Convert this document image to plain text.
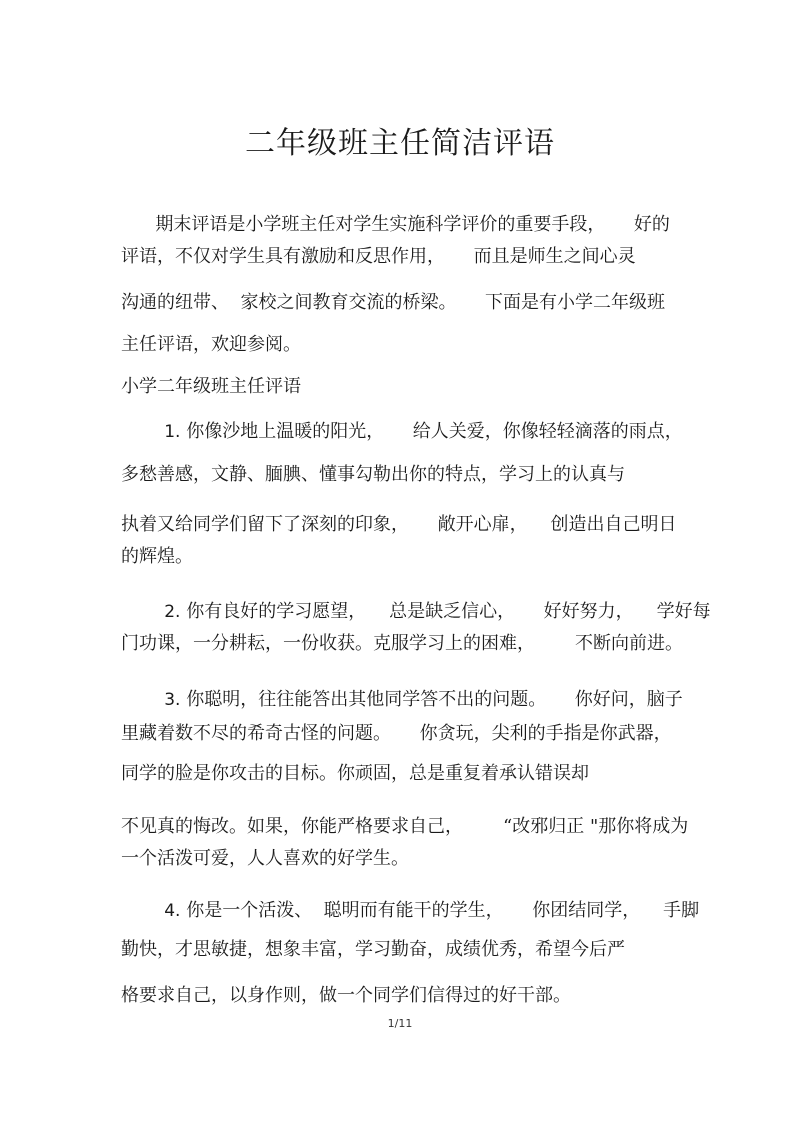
二年级班主任简洁评语
期末评语是小学班主任对学生实施科学评价的重要手段，     好的
评语，不仅对学生具有激励和反思作用，     而且是师生之间心灵
沟通的纽带、  家校之间教育交流的桥梁。     下面是有小学二年级班
主任评语，欢迎参阅。
小学二年级班主任评语
1. 你像沙地上温暖的阳光，     给人关爱，你像轻轻滴落的雨点，
多愁善感，文静、腼腆、懂事勾勒出你的特点，学习上的认真与
执着又给同学们留下了深刻的印象，     敞开心扉，    创造出自己明日
的辉煌。
2. 你有良好的学习愿望，    总是缺乏信心，     好好努力，    学好每
门功课，一分耕耘，一份收获。克服学习上的困难，       不断向前进。
3. 你聪明，往往能答出其他同学答不出的问题。     你好问，脑子
里藏着数不尽的希奇古怪的问题。     你贪玩，尖利的手指是你武器，
同学的脸是你攻击的目标。你顽固，总是重复着承认错误却
不见真的悔改。如果，你能严格要求自己，       “改邪归正 "那你将成为
一个活泼可爱，人人喜欢的好学生。
4. 你是一个活泼、  聪明而有能干的学生，     你团结同学，    手脚
勤快，才思敏捷，想象丰富，学习勤奋，成绩优秀，希望今后严
格要求自己，以身作则，做一个同学们信得过的好干部。
1/11
